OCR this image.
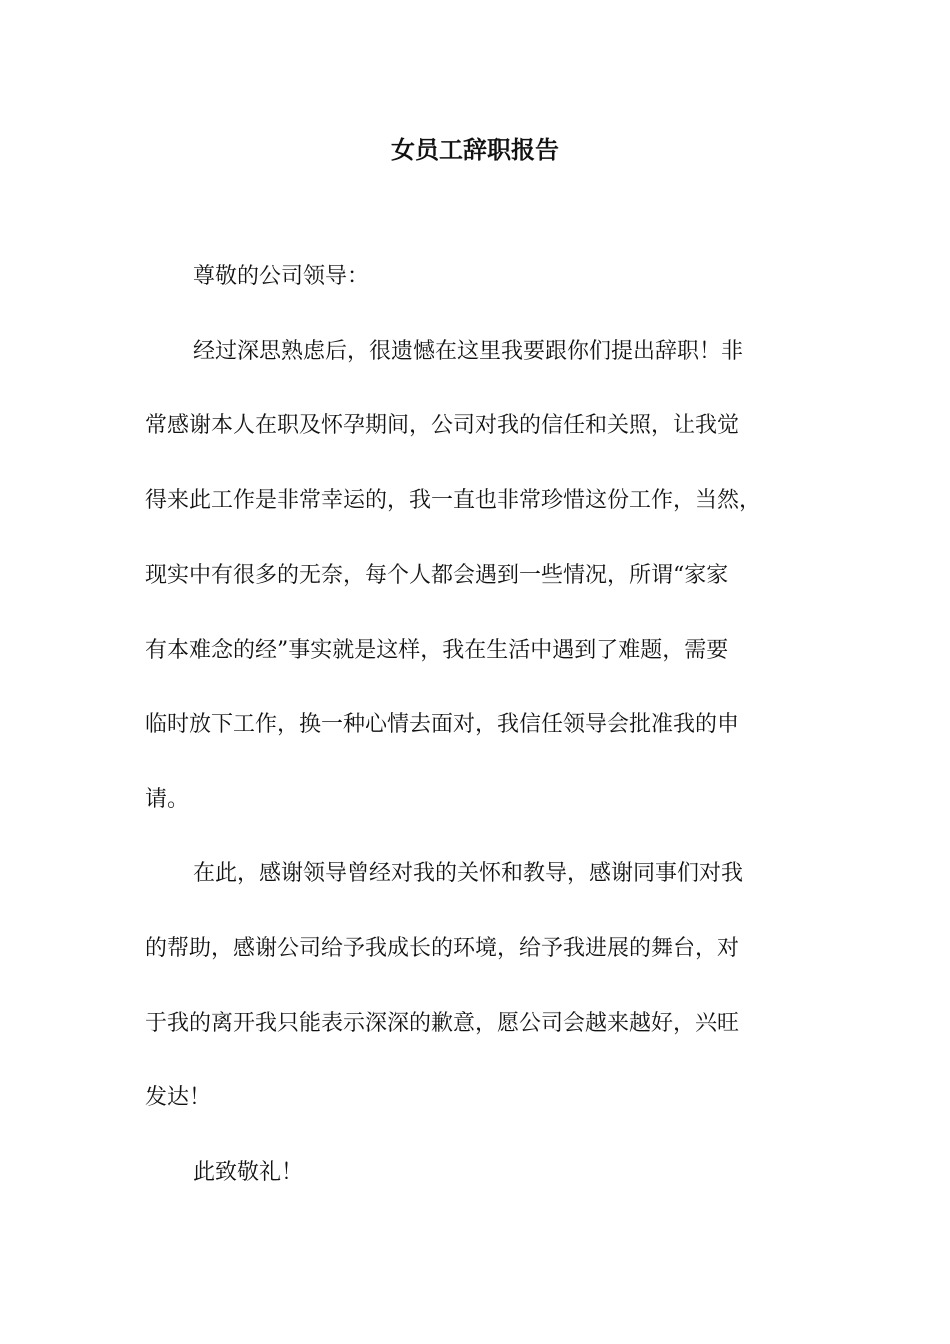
女员工辞职报告

尊敬的公司领导：

经过深思熟虑后，很遗憾在这里我要跟你们提出辞职！非

常感谢本人在职及怀孕期间，公司对我的信任和关照，让我觉

得来此工作是非常幸运的，我一直也非常珍惜这份工作，当然，

现实中有很多的无奈，每个人都会遇到一些情况，所谓“家家

有本难念的经”事实就是这样，我在生活中遇到了难题，需要

临时放下工作，换一种心情去面对，我信任领导会批准我的申

请。

在此，感谢领导曾经对我的关怀和教导，感谢同事们对我

的帮助，感谢公司给予我成长的环境，给予我进展的舞台，对

于我的离开我只能表示深深的歉意，愿公司会越来越好，兴旺

发达！

此致敬礼！
